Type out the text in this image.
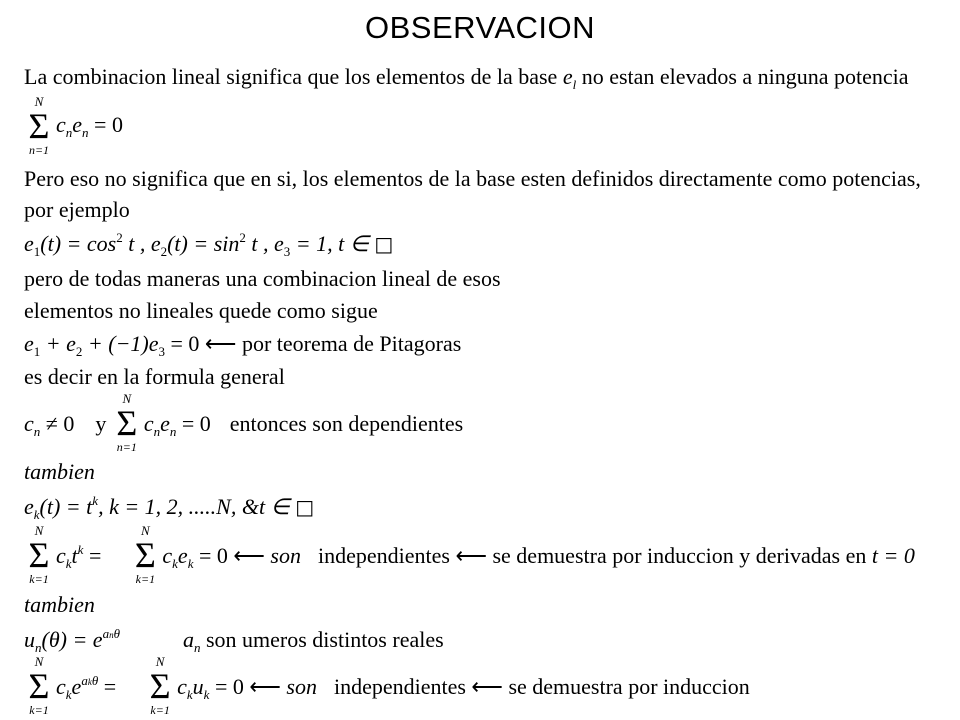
OBSERVACION
La combinacion lineal significa que los elementos de la base $e_l$ no estan elevados a ninguna potencia
N
Σ
n=1
$c_ne_n = 0$
Pero eso no significa que en si, los elementos de la base esten definidos directamente como potencias,
por ejemplo
$e_1(t) = \cos^2 t$ , $e_2(t) = \sin^2 t$ , $e_3 = 1$, t ∈ □
pero de todas maneras una combinacion lineal de esos
elementos no lineales quede como sigue
$e_1 + e_2 + (-1)e_3 = 0$ ⟵ por teorema de Pitagoras
es decir en la formula general
$c_n \ne 0$ y
N
Σ
n=1
$c_ne_n = 0$ entonces son dependientes
tambien
$e_k(t) = t^k$, k = 1, 2, .....N, &t ∈ □
N
Σ
k=1
$c_kt^k$ =
N
Σ
k=1
$c_ke_k = 0$ ⟵ son independientes ⟵ se demuestra por induccion y derivadas en t = 0
tambien
$u_n(\theta) = e^{an\theta}$	$a_n$ son umeros distintos reales
N
Σ
k=1
$c_ke^{ak\theta}$ =
N
Σ
k=1
$c_ku_k = 0$ ⟵ son independientes ⟵ se demuestra por induccion
